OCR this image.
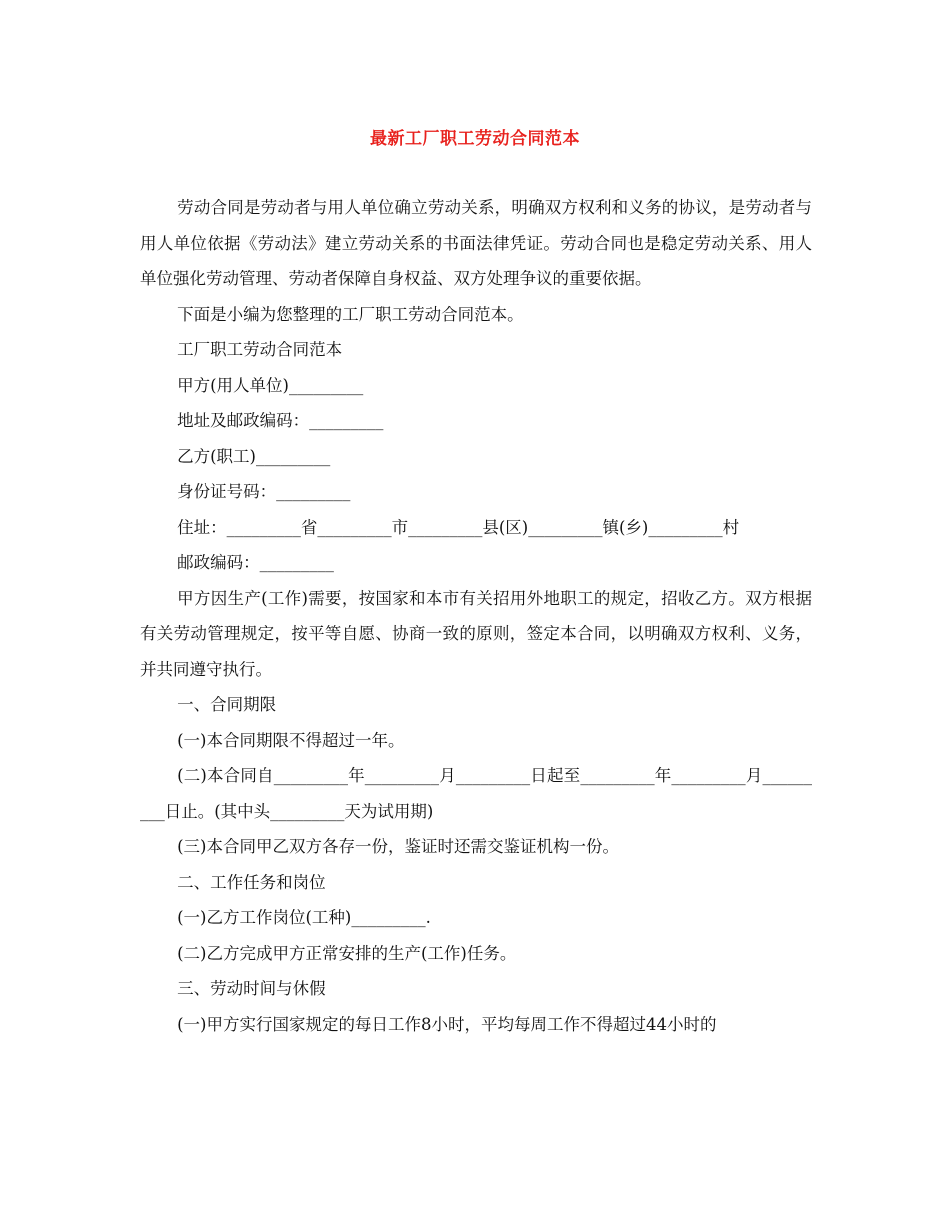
最新工厂职工劳动合同范本

劳动合同是劳动者与用人单位确立劳动关系，明确双方权利和义务的协议，是劳动者与用人单位依据《劳动法》建立劳动关系的书面法律凭证。劳动合同也是稳定劳动关系、用人单位强化劳动管理、劳动者保障自身权益、双方处理争议的重要依据。

下面是小编为您整理的工厂职工劳动合同范本。

工厂职工劳动合同范本

甲方(用人单位)_________

地址及邮政编码：_________

乙方(职工)_________

身份证号码：_________

住址：_________省_________市_________县(区)_________镇(乡)_________村

邮政编码：_________

甲方因生产(工作)需要，按国家和本市有关招用外地职工的规定，招收乙方。双方根据有关劳动管理规定，按平等自愿、协商一致的原则，签定本合同，以明确双方权利、义务，并共同遵守执行。

一、合同期限

(一)本合同期限不得超过一年。

(二)本合同自_________年_________月_________日起至_________年_________月_________日止。(其中头_________天为试用期)

(三)本合同甲乙双方各存一份，鉴证时还需交鉴证机构一份。

二、工作任务和岗位

(一)乙方工作岗位(工种)_________.

(二)乙方完成甲方正常安排的生产(工作)任务。

三、劳动时间与休假

(一)甲方实行国家规定的每日工作8小时，平均每周工作不得超过44小时的
